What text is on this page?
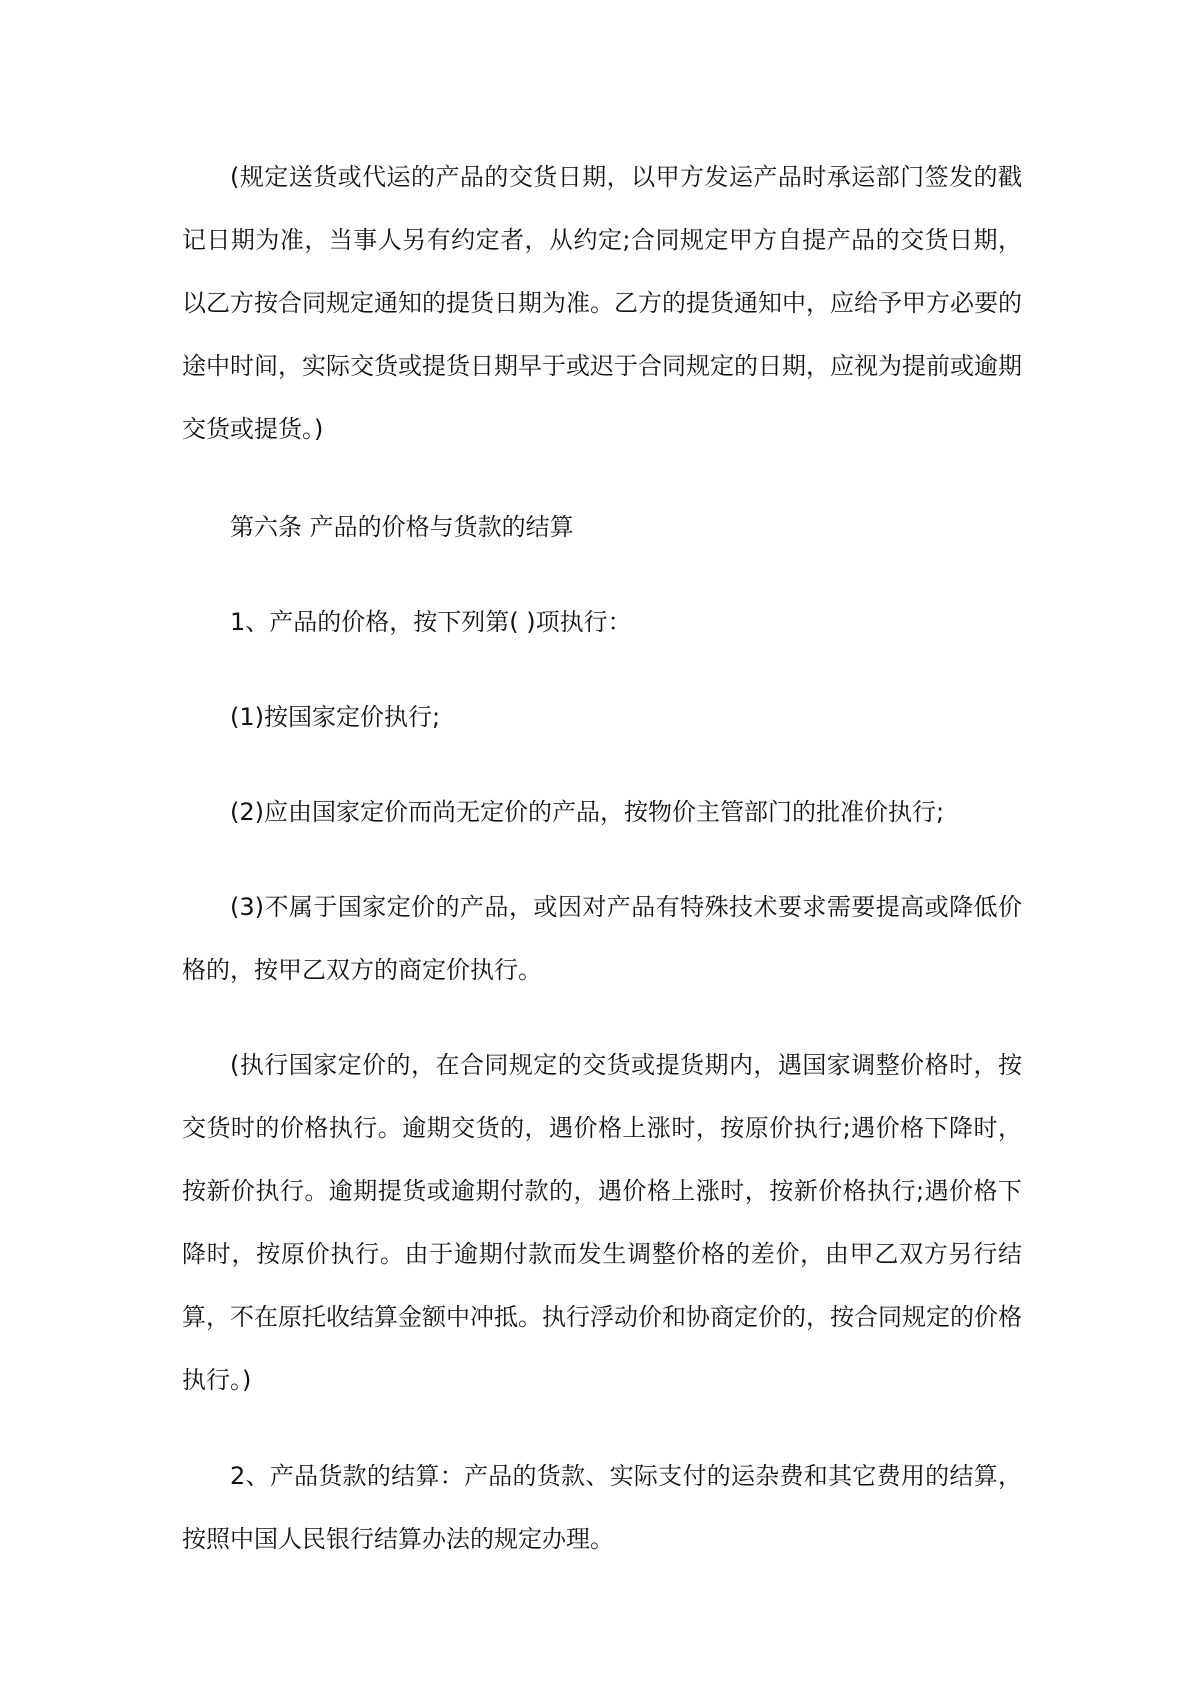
(规定送货或代运的产品的交货日期，以甲方发运产品时承运部门签发的戳记日期为准，当事人另有约定者，从约定;合同规定甲方自提产品的交货日期，以乙方按合同规定通知的提货日期为准。乙方的提货通知中，应给予甲方必要的途中时间，实际交货或提货日期早于或迟于合同规定的日期，应视为提前或逾期交货或提货。)

第六条 产品的价格与货款的结算

1、产品的价格，按下列第( )项执行：

(1)按国家定价执行;

(2)应由国家定价而尚无定价的产品，按物价主管部门的批准价执行;

(3)不属于国家定价的产品，或因对产品有特殊技术要求需要提高或降低价格的，按甲乙双方的商定价执行。

(执行国家定价的，在合同规定的交货或提货期内，遇国家调整价格时，按交货时的价格执行。逾期交货的，遇价格上涨时，按原价执行;遇价格下降时，按新价执行。逾期提货或逾期付款的，遇价格上涨时，按新价格执行;遇价格下降时，按原价执行。由于逾期付款而发生调整价格的差价，由甲乙双方另行结算，不在原托收结算金额中冲抵。执行浮动价和协商定价的，按合同规定的价格执行。)

2、产品货款的结算：产品的货款、实际支付的运杂费和其它费用的结算，按照中国人民银行结算办法的规定办理。
